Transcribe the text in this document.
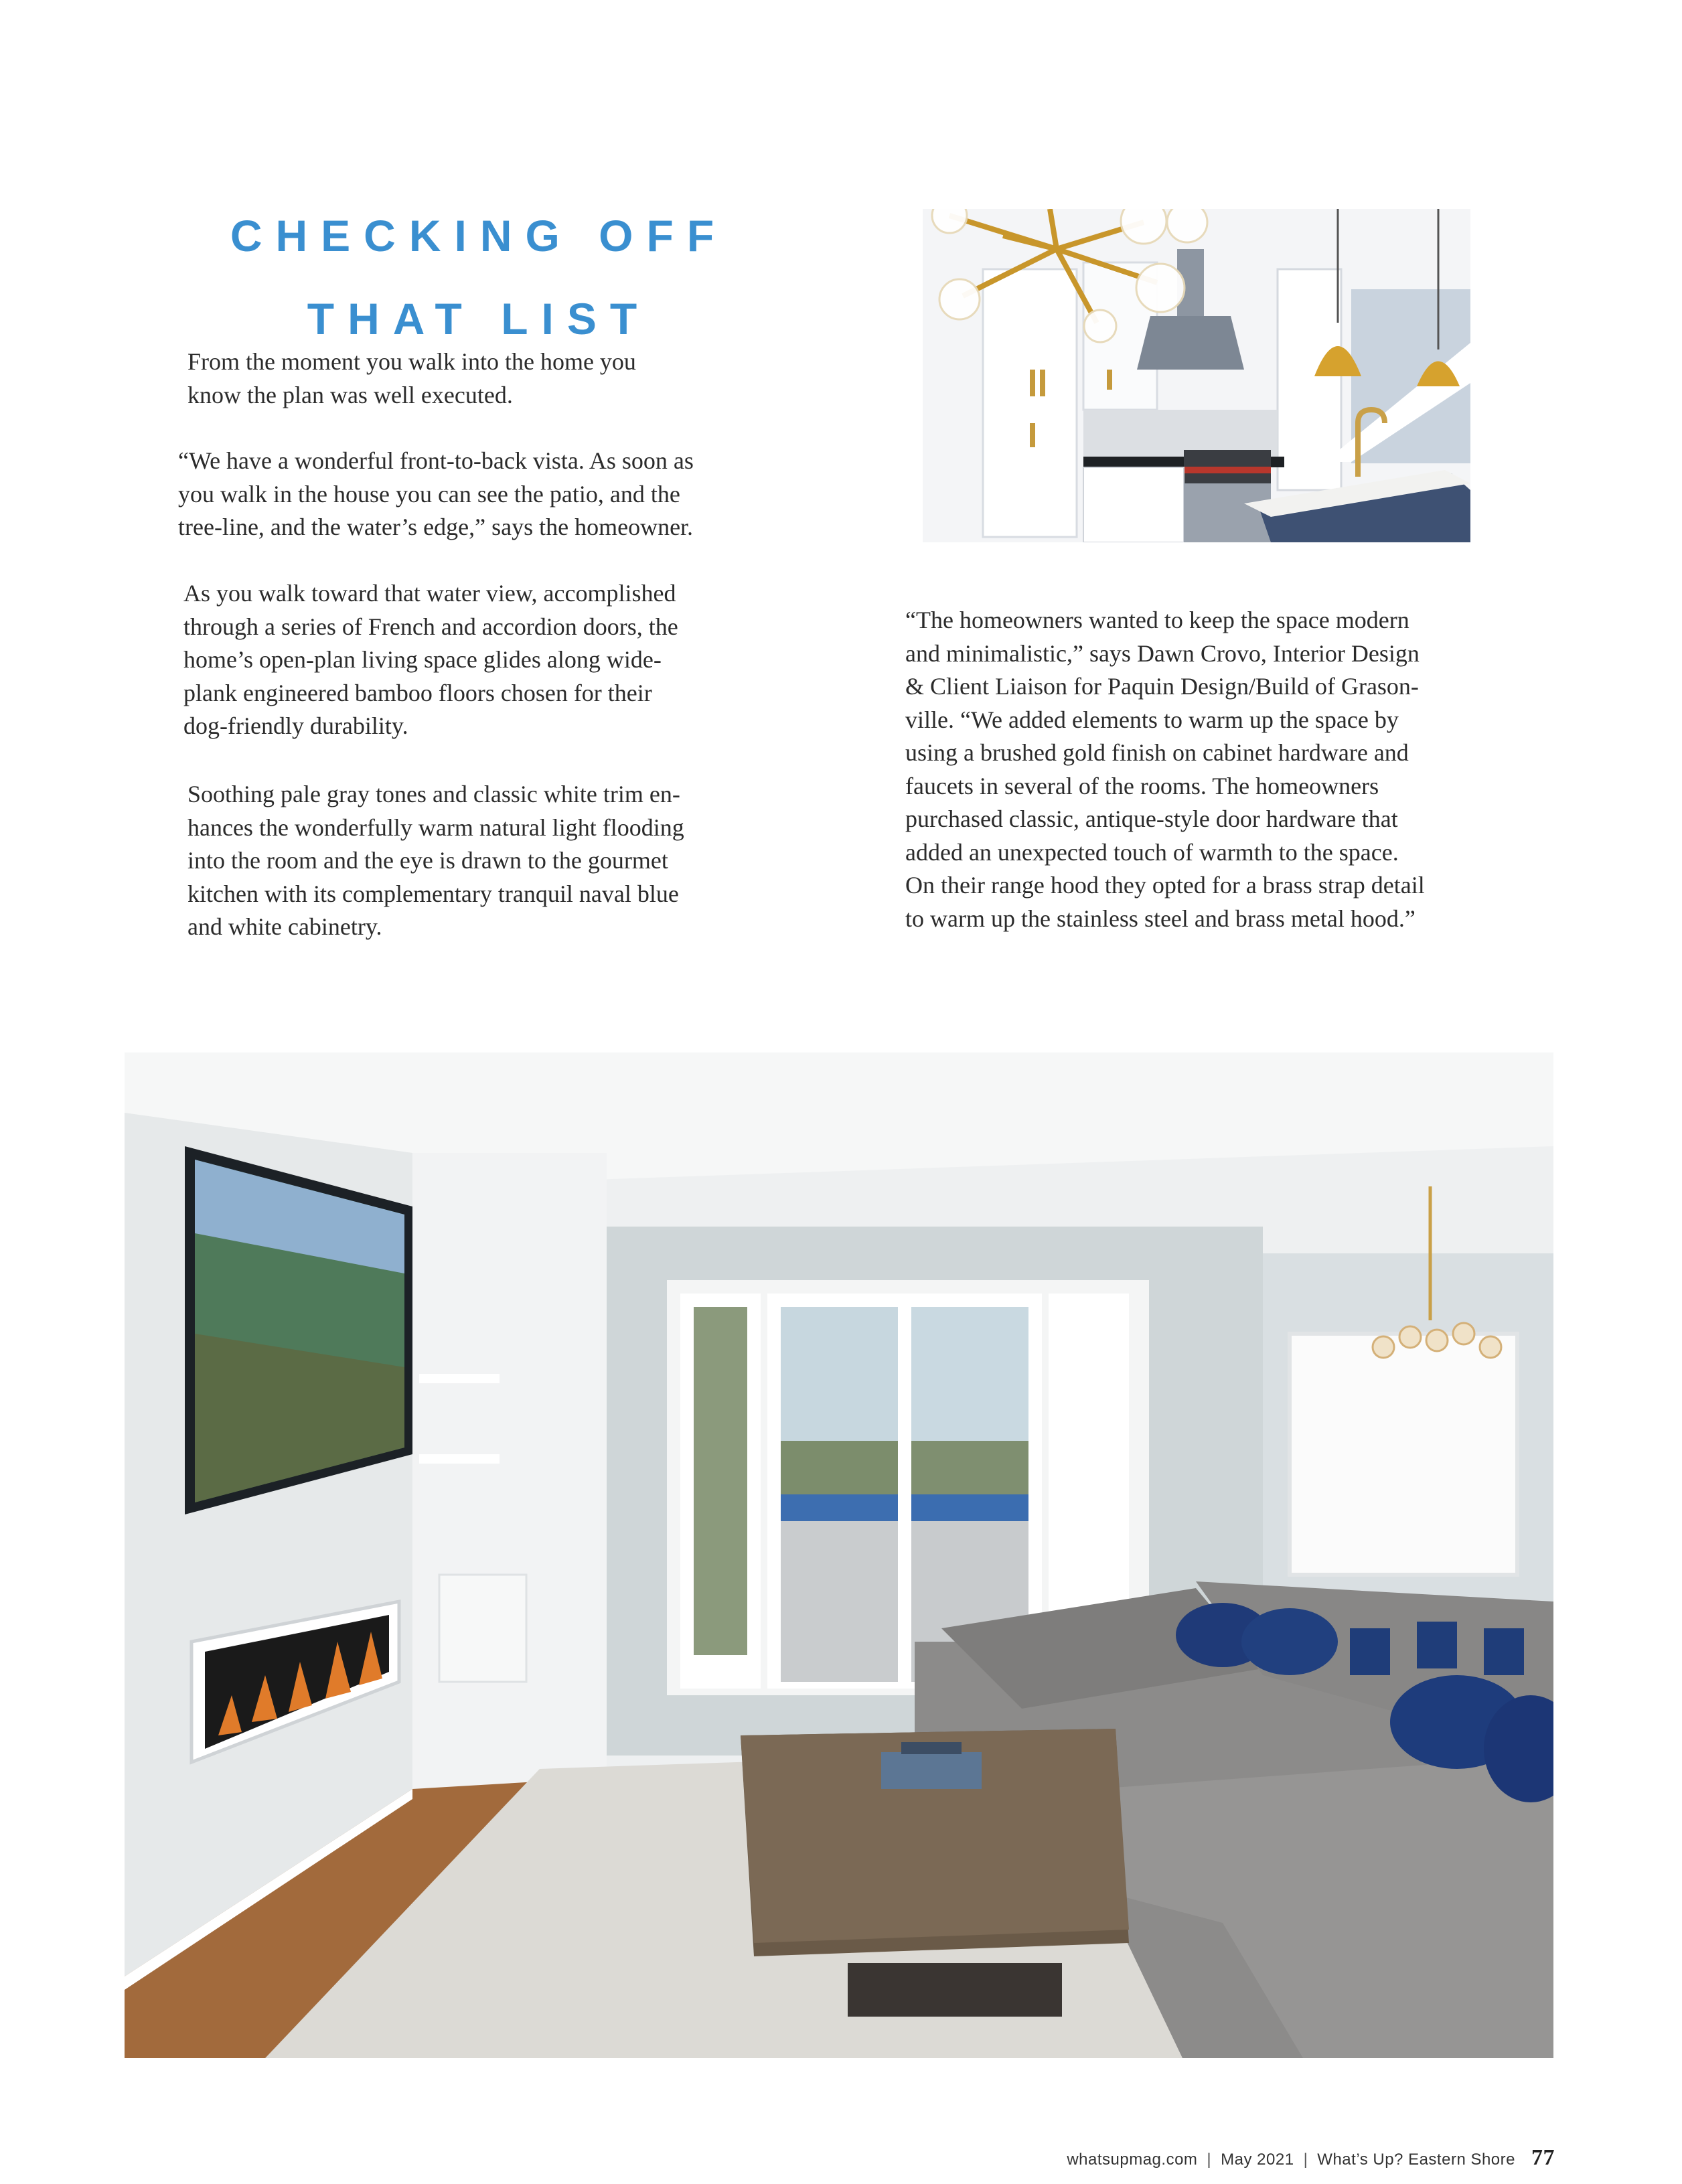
CHECKING OFF
THAT LIST
From the moment you walk into the home you
know the plan was well executed.
“We have a wonderful front-to-back vista. As soon as
you walk in the house you can see the patio, and the
tree-line, and the water’s edge,” says the homeowner.
As you walk toward that water view, accomplished
through a series of French and accordion doors, the
home’s open-plan living space glides along wide-
plank engineered bamboo floors chosen for their
dog-friendly durability.
Soothing pale gray tones and classic white trim en-
hances the wonderfully warm natural light flooding
into the room and the eye is drawn to the gourmet
kitchen with its complementary tranquil naval blue
and white cabinetry.
“The homeowners wanted to keep the space modern
and minimalistic,” says Dawn Crovo, Interior Design
& Client Liaison for Paquin Design/Build of Grason-
ville. “We added elements to warm up the space by
using a brushed gold finish on cabinet hardware and
faucets in several of the rooms. The homeowners
purchased classic, antique-style door hardware that
added an unexpected touch of warmth to the space.
On their range hood they opted for a brass strap detail
to warm up the stainless steel and brass metal hood.”
whatsupmag.com | May 2021 | What’s Up? Eastern Shore 77
